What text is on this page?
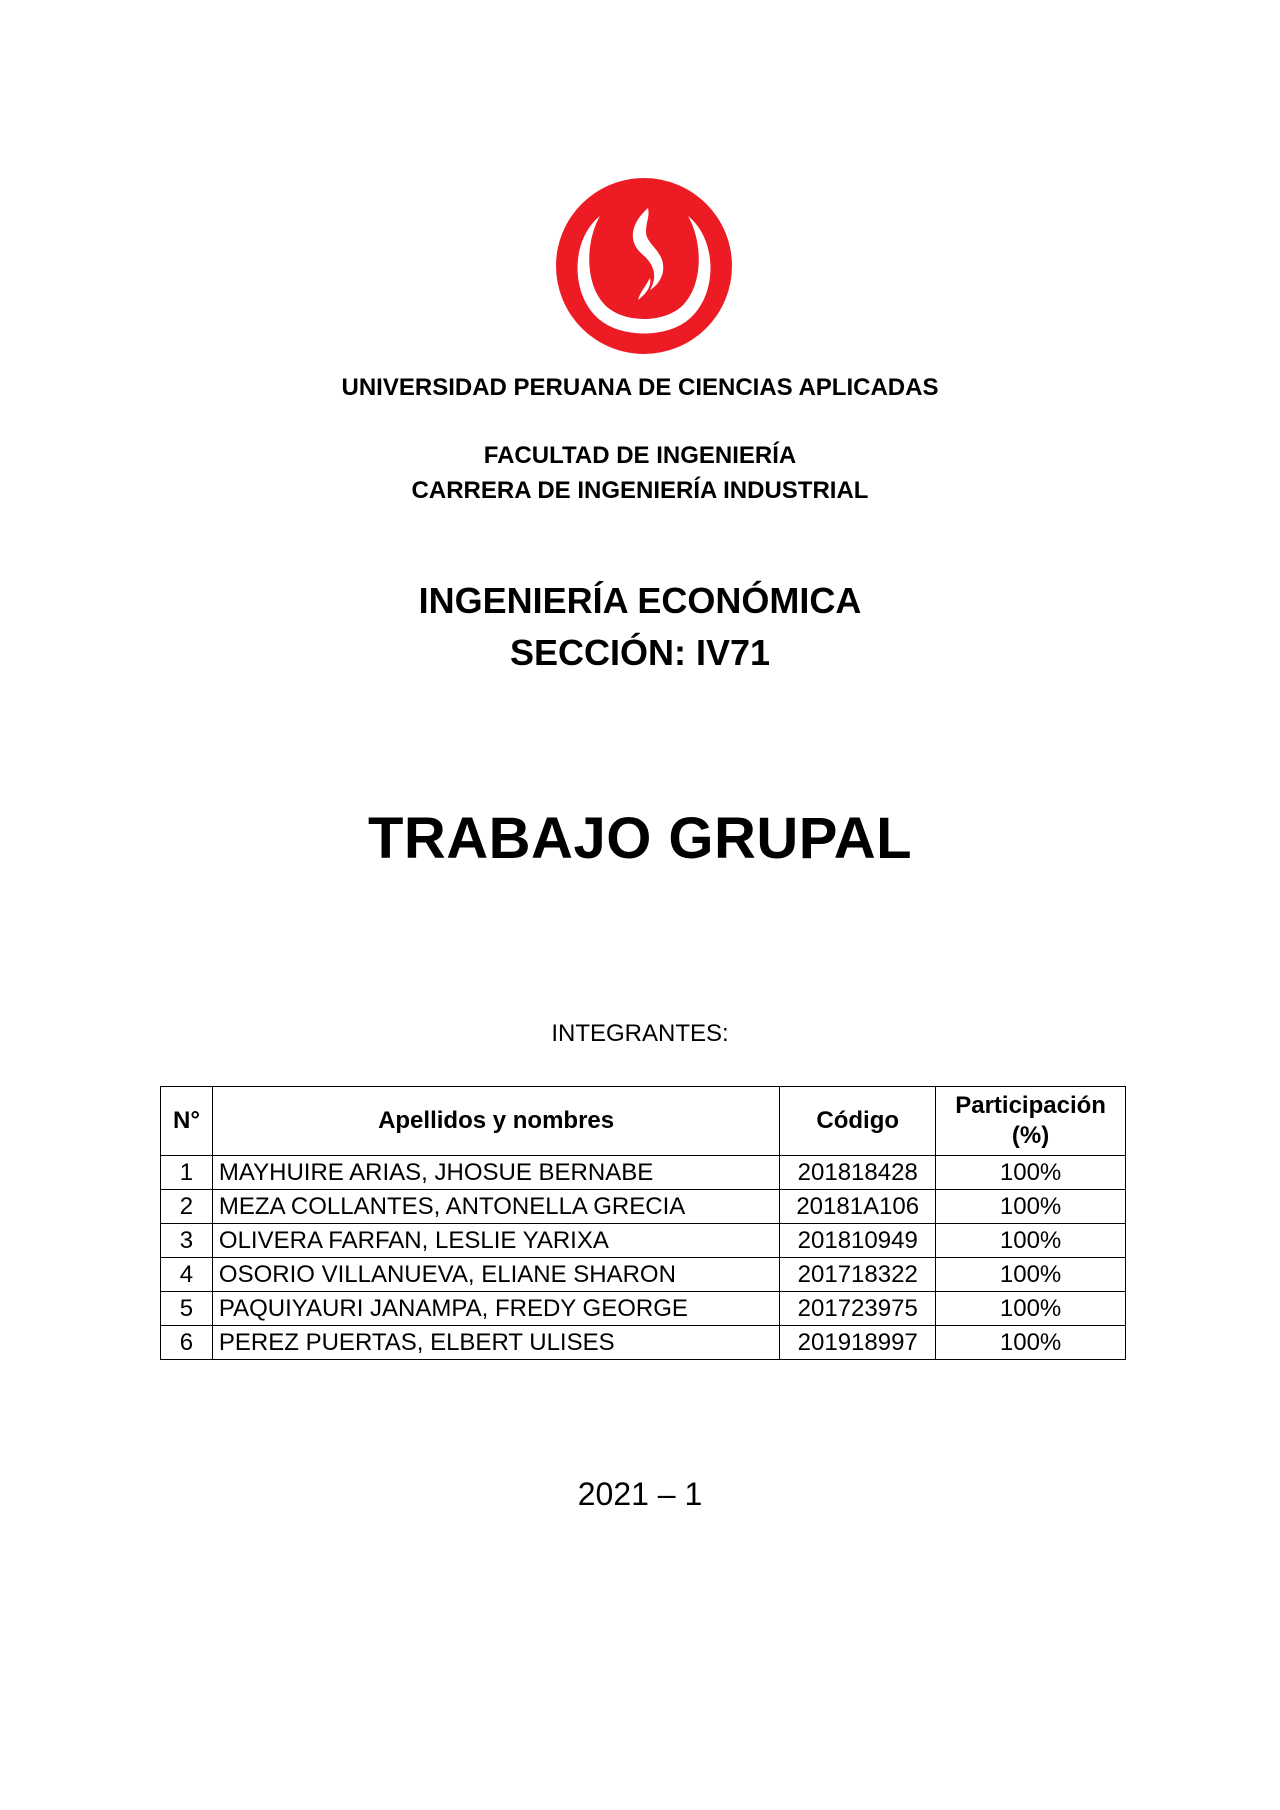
UNIVERSIDAD PERUANA DE CIENCIAS APLICADAS
FACULTAD DE INGENIERÍA
CARRERA DE INGENIERÍA INDUSTRIAL
INGENIERÍA ECONÓMICA
SECCIÓN: IV71
TRABAJO GRUPAL
INTEGRANTES:
N°	Apellidos y nombres	Código	Participación
(%)

1	MAYHUIRE ARIAS, JHOSUE BERNABE	201818428	100%
2	MEZA COLLANTES, ANTONELLA GRECIA	20181A106	100%
3	OLIVERA FARFAN, LESLIE YARIXA	201810949	100%
4	OSORIO VILLANUEVA, ELIANE SHARON	201718322	100%
5	PAQUIYAURI JANAMPA, FREDY GEORGE	201723975	100%
6	PEREZ PUERTAS, ELBERT ULISES	201918997	100%
2021 – 1
